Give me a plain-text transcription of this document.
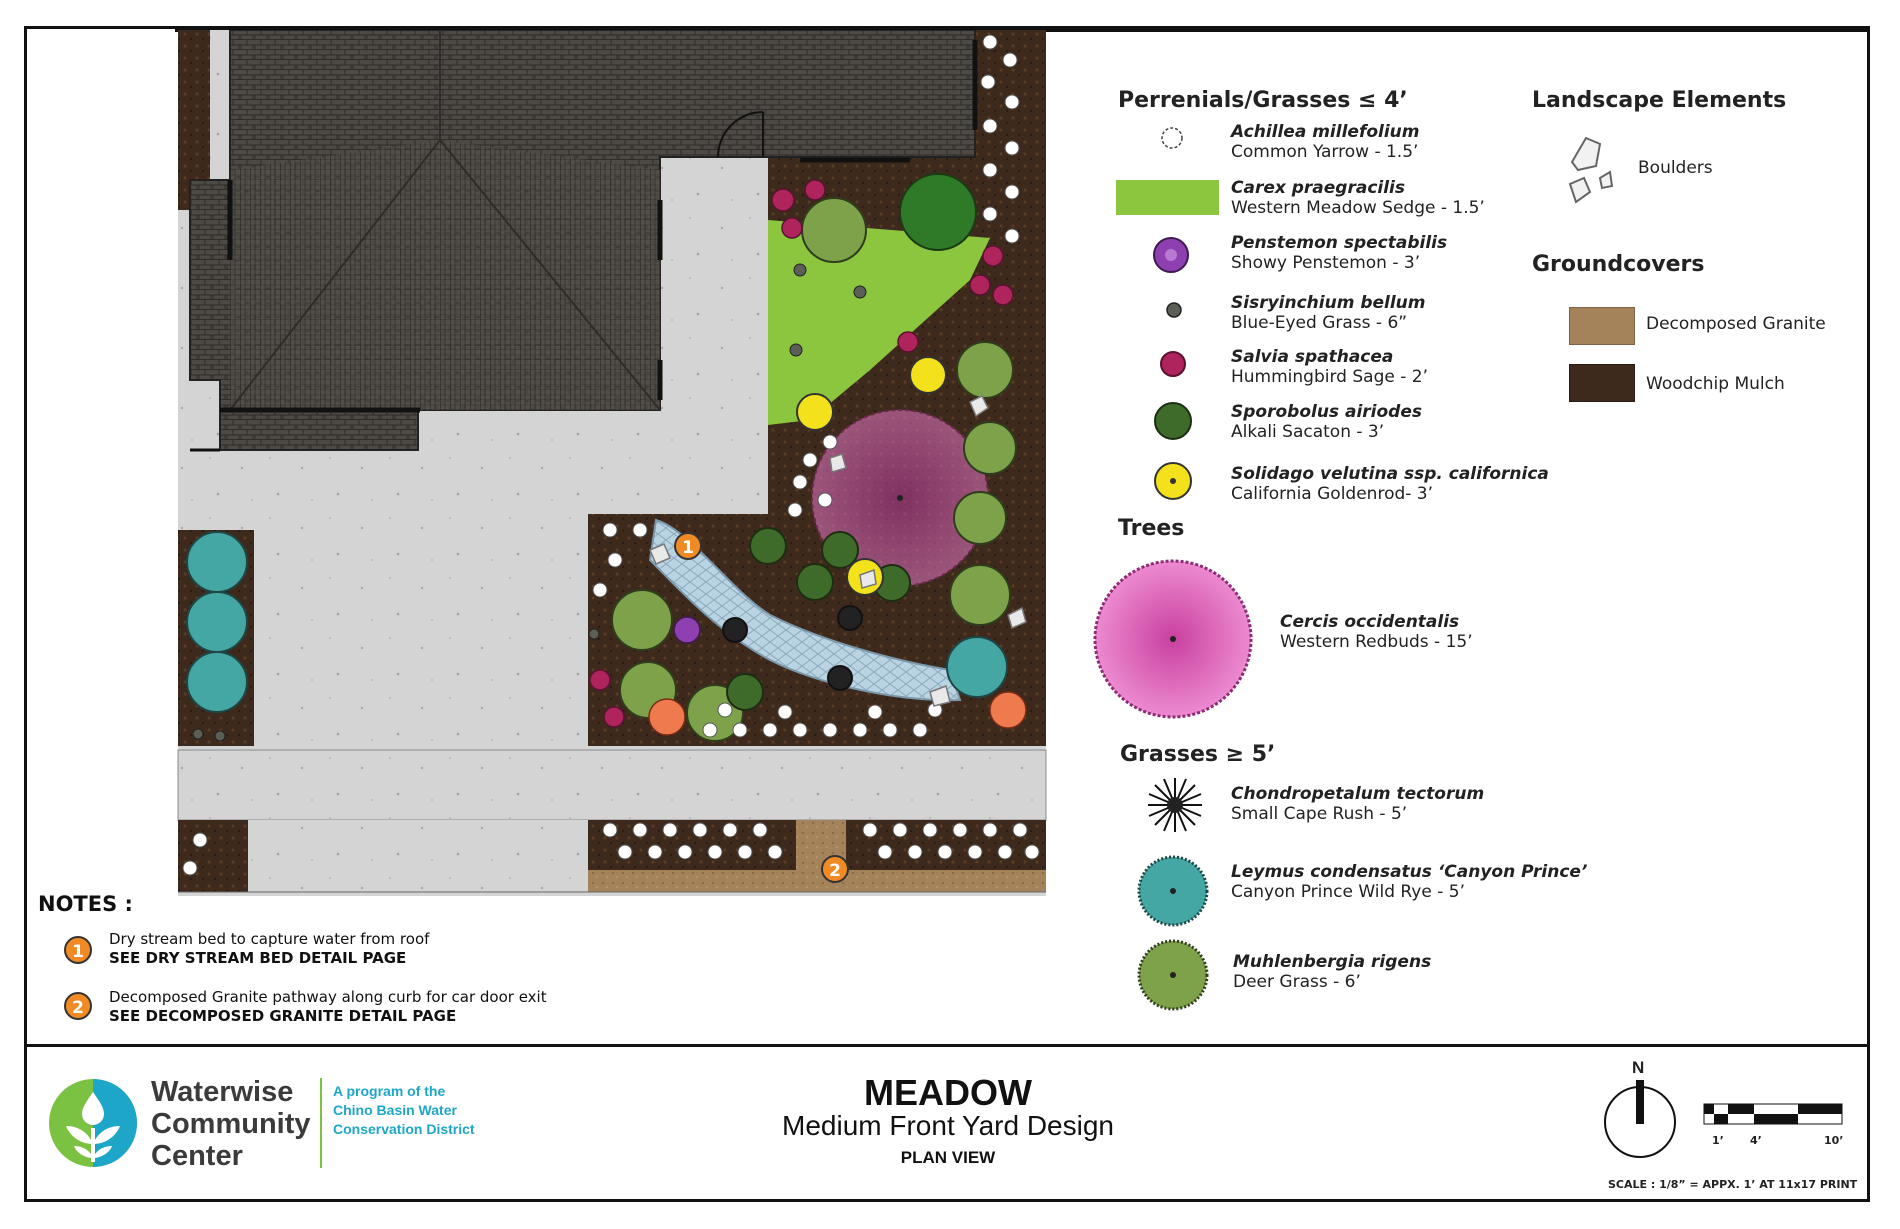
1
2
Perrenials/Grasses ≤ 4’
Achillea millefolium
Common Yarrow - 1.5’
Carex praegracilis
Western Meadow Sedge - 1.5’
Penstemon spectabilis
Showy Penstemon - 3’
Sisryinchium bellum
Blue-Eyed Grass - 6”
Salvia spathacea
Hummingbird Sage - 2’
Sporobolus airiodes
Alkali Sacaton - 3’
Solidago velutina ssp. californica
California Goldenrod- 3’
Trees
Cercis occidentalis
Western Redbuds - 15’
Grasses ≥ 5’
Chondropetalum tectorum
Small Cape Rush - 5’
Leymus condensatus ‘Canyon Prince’
Canyon Prince Wild Rye - 5’
Muhlenbergia rigens
Deer Grass - 6’
Landscape Elements
Boulders
Groundcovers
Decomposed Granite
Woodchip Mulch
NOTES :
1
Dry stream bed to capture water from roof
SEE DRY STREAM BED DETAIL PAGE
2
Decomposed Granite pathway along curb for car door exit
SEE DECOMPOSED GRANITE DETAIL PAGE
Waterwise
Community
Center
A program of the
Chino Basin Water
Conservation District
MEADOW
Medium Front Yard Design
PLAN VIEW
N
1’ 4’	10’
SCALE : 1/8” = APPX. 1’ AT 11x17 PRINT
